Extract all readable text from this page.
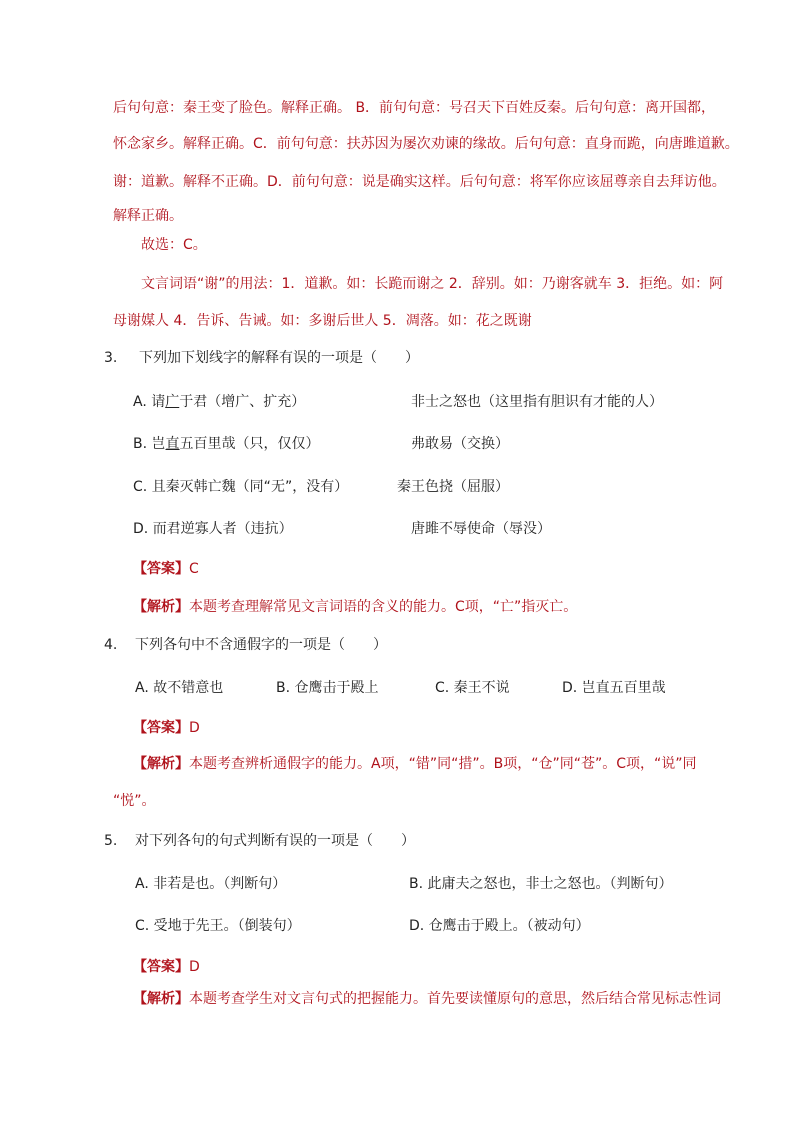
后句句意：秦王变了脸色。解释正确。 B．前句句意：号召天下百姓反秦。后句句意：离开国都，
怀念家乡。解释正确。C．前句句意：扶苏因为屡次劝谏的缘故。后句句意：直身而跪，向唐雎道歉。
谢：道歉。解释不正确。D．前句句意：说是确实这样。后句句意：将军你应该屈尊亲自去拜访他。
解释正确。
故选：C。
文言词语“谢”的用法：1．道歉。如：长跪而谢之 2．辞别。如：乃谢客就车 3．拒绝。如：阿
母谢媒人 4．告诉、告诫。如：多谢后世人 5．凋落。如：花之既谢
3. 下列加下划线字的解释有误的一项是（　　）
A. 请广于君（增广、扩充）	非士之怒也（这里指有胆识有才能的人）
B. 岂直五百里哉（只，仅仅）	弗敢易（交换）
C. 且秦灭韩亡魏（同“无”，没有）	秦王色挠（屈服）
D. 而君逆寡人者（违抗）	唐雎不辱使命（辱没）
【答案】C
【解析】本题考查理解常见文言词语的含义的能力。C项，“亡”指灭亡。
4. 下列各句中不含通假字的一项是（　　）
A. 故不错意也	B. 仓鹰击于殿上	C. 秦王不说	D. 岂直五百里哉
【答案】D
【解析】本题考查辨析通假字的能力。A项，“错”同“措”。B项，“仓”同“苍”。C项，“说”同
“悦”。
5. 对下列各句的句式判断有误的一项是（　　）
A. 非若是也。（判断句）	B. 此庸夫之怒也，非士之怒也。（判断句）
C. 受地于先王。（倒装句）	D. 仓鹰击于殿上。（被动句）
【答案】D
【解析】本题考查学生对文言句式的把握能力。首先要读懂原句的意思，然后结合常见标志性词
